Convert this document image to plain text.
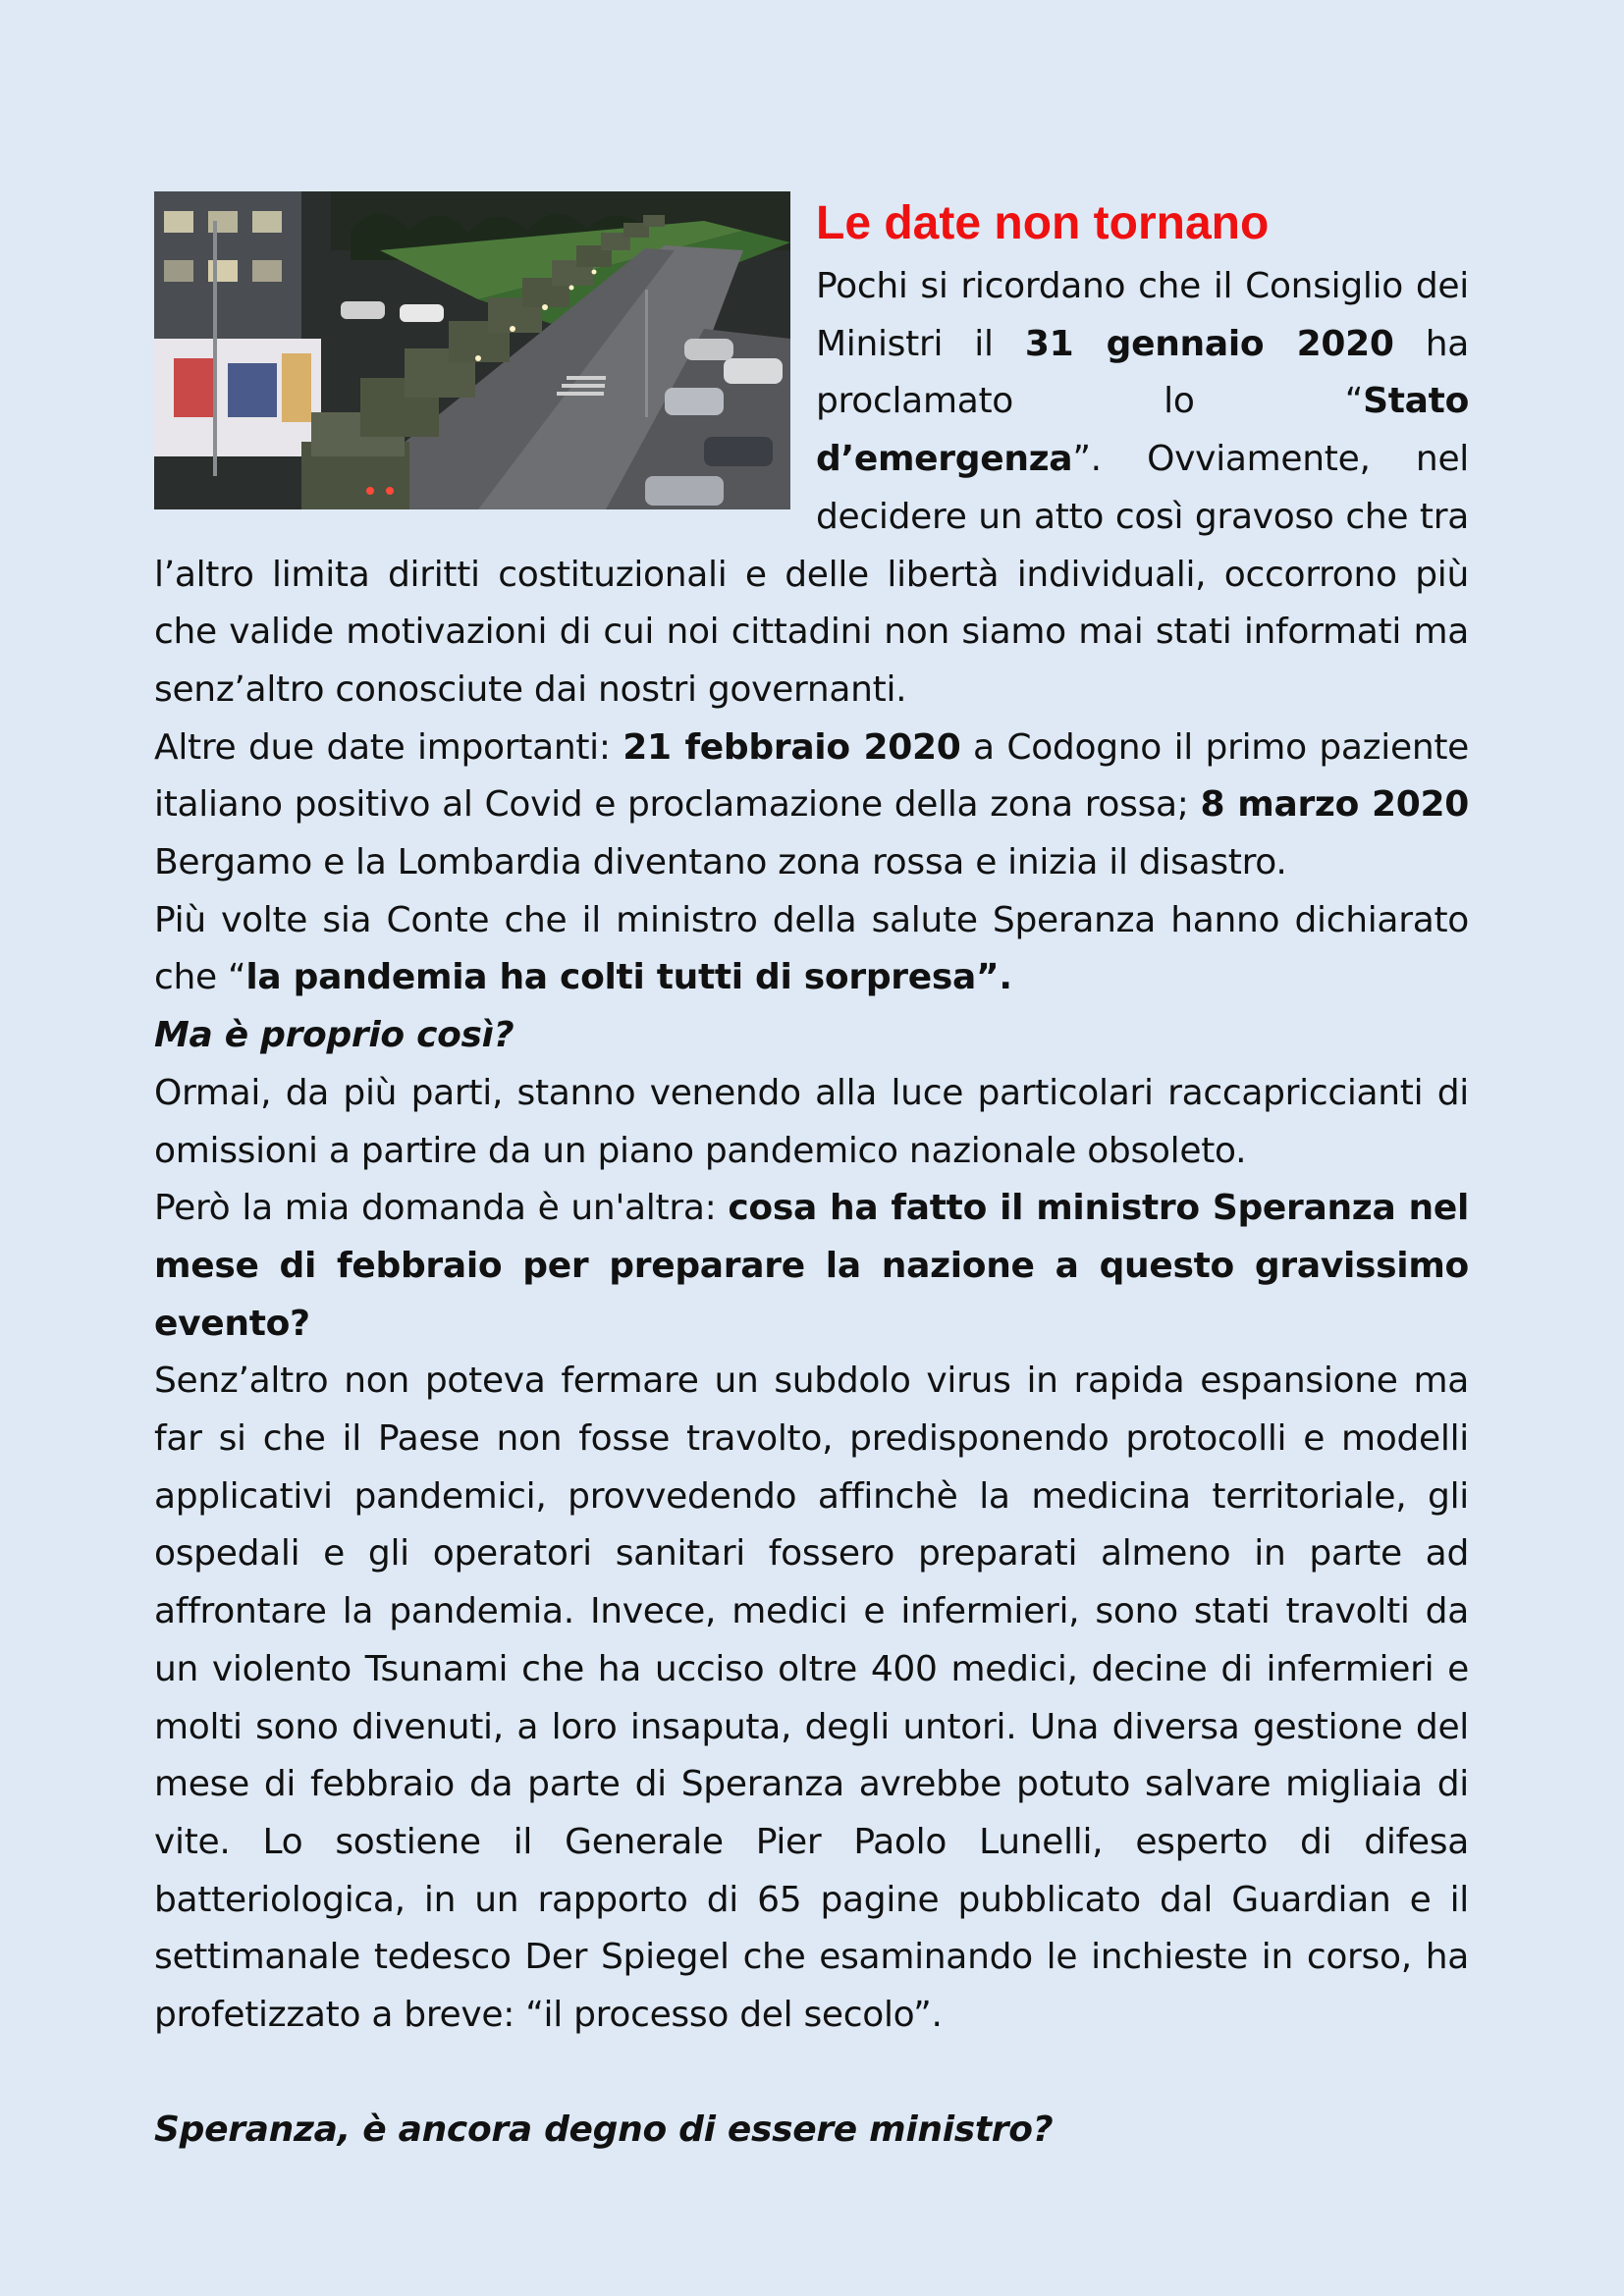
Le date non tornano

Pochi si ricordano che il Consiglio dei Ministri il 31 gennaio 2020 ha proclamato lo “Stato d’emergenza”. Ovviamente, nel decidere un atto così gravoso che tra l’altro limita diritti costituzionali e delle libertà individuali, occorrono più che valide motivazioni di cui noi cittadini non siamo mai stati informati ma senz’altro conosciute dai nostri governanti.

Altre due date importanti: 21 febbraio 2020 a Codogno il primo paziente italiano positivo al Covid e proclamazione della zona rossa; 8 marzo 2020 Bergamo e la Lombardia diventano zona rossa e inizia il disastro.

Più volte sia Conte che il ministro della salute Speranza hanno dichiarato che “la pandemia ha colti tutti di sorpresa”.

Ma è proprio così?

Ormai, da più parti, stanno venendo alla luce particolari raccapriccianti di omissioni a partire da un piano pandemico nazionale obsoleto.

Però la mia domanda è un'altra: cosa ha fatto il ministro Speranza nel mese di febbraio per preparare la nazione a questo gravissimo evento?

Senz’altro non poteva fermare un subdolo virus in rapida espansione ma far si che il Paese non fosse travolto, predisponendo protocolli e modelli applicativi pandemici, provvedendo affinchè la medicina territoriale, gli ospedali e gli operatori sanitari fossero preparati almeno in parte ad affrontare la pandemia. Invece, medici e infermieri, sono stati travolti da un violento Tsunami che ha ucciso oltre 400 medici, decine di infermieri e molti sono divenuti, a loro insaputa, degli untori. Una diversa gestione del mese di febbraio da parte di Speranza avrebbe potuto salvare migliaia di vite. Lo sostiene il Generale Pier Paolo Lunelli, esperto di difesa batteriologica, in un rapporto di 65 pagine pubblicato dal Guardian e il settimanale tedesco Der Spiegel che esaminando le inchieste in corso, ha profetizzato a breve: “il processo del secolo”.

Speranza, è ancora degno di essere ministro?
